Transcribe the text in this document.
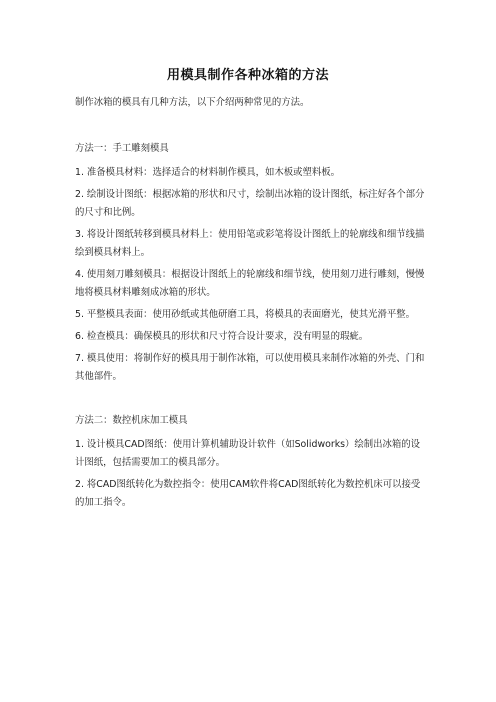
用模具制作各种冰箱的方法

制作冰箱的模具有几种方法，以下介绍两种常见的方法。

方法一：手工雕刻模具

1. 准备模具材料：选择适合的材料制作模具，如木板或塑料板。

2. 绘制设计图纸：根据冰箱的形状和尺寸，绘制出冰箱的设计图纸，标注好各个部分的尺寸和比例。

3. 将设计图纸转移到模具材料上：使用铅笔或彩笔将设计图纸上的轮廓线和细节线描绘到模具材料上。

4. 使用刻刀雕刻模具：根据设计图纸上的轮廓线和细节线，使用刻刀进行雕刻，慢慢地将模具材料雕刻成冰箱的形状。

5. 平整模具表面：使用砂纸或其他研磨工具，将模具的表面磨光，使其光滑平整。

6. 检查模具：确保模具的形状和尺寸符合设计要求，没有明显的瑕疵。

7. 模具使用：将制作好的模具用于制作冰箱，可以使用模具来制作冰箱的外壳、门和其他部件。

方法二：数控机床加工模具

1. 设计模具CAD图纸：使用计算机辅助设计软件（如Solidworks）绘制出冰箱的设计图纸，包括需要加工的模具部分。

2. 将CAD图纸转化为数控指令：使用CAM软件将CAD图纸转化为数控机床可以接受的加工指令。
